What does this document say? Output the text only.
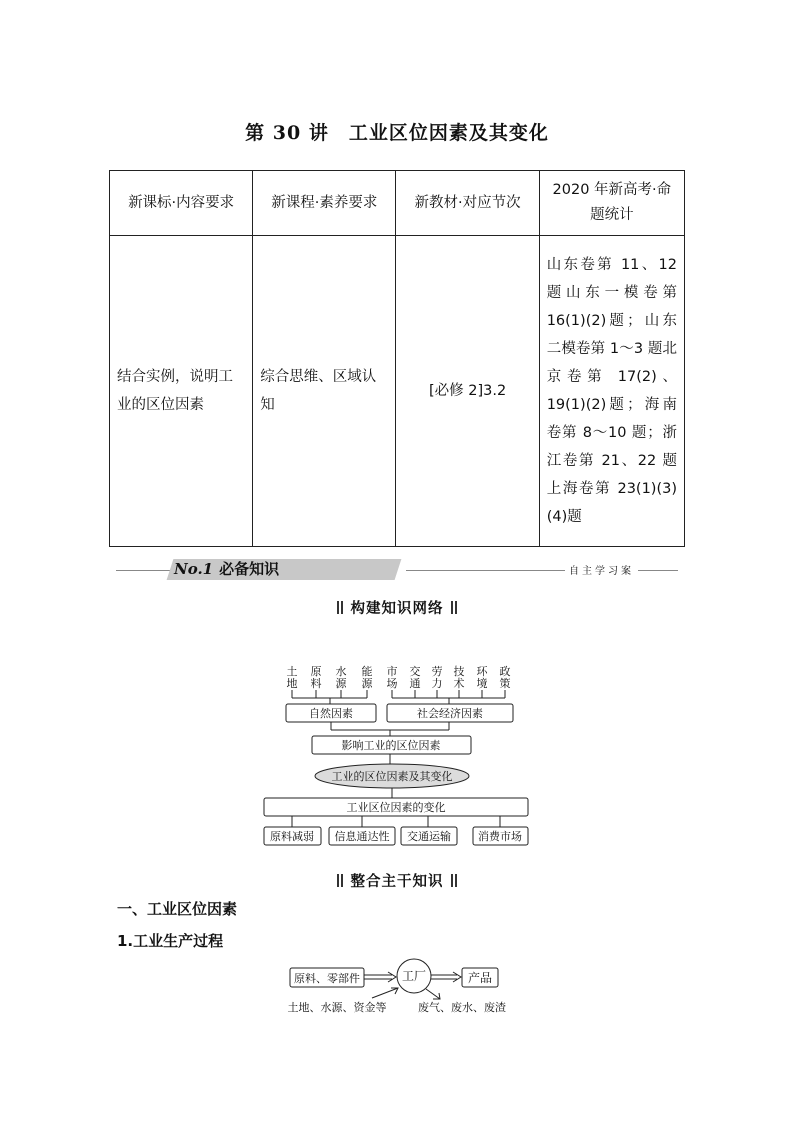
第 30 讲　工业区位因素及其变化
新课标·内容要求	新课程·素养要求	新教材·对应节次	2020 年新高考·命题统计
结合实例，说明工业的区位因素	综合思维、区域认知	[必修 2]3.2	山东卷第 11、12 题山东一模卷第 16(1)(2)题；山东二模卷第 1～3 题北京卷第 17(2)、19(1)(2)题；海南卷第 8～10 题；浙江卷第 21、22 题上海卷第 23(1)(3)(4)题
No.1 必备知识	自主学习案
构建知识网络
土地
原料
水源
能源
市场
交通
劳力
技术
环境
政策
自然因素	社会经济因素
影响工业的区位因素
工业的区位因素及其变化
工业区位因素的变化
原料减弱 信息通达性 交通运输 消费市场
原料、零部件	工厂	产品
土地、水源、资金等	废气、废水、废渣
整合主干知识
一、工业区位因素
1.工业生产过程
